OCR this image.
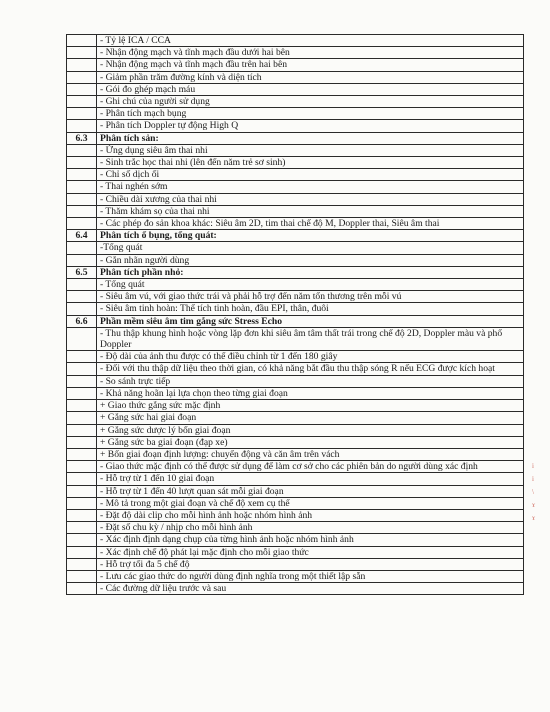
	- Tỷ lệ ICA / CCA
	- Nhận động mạch và tĩnh mạch đầu dưới hai bên
	- Nhận động mạch và tĩnh mạch đầu trên hai bên
	- Giảm phần trăm đường kính và diện tích
	- Gói đo ghép mạch máu
	- Ghi chú của người sử dụng
	- Phân tích mạch bụng
	- Phân tích Doppler tự động High Q
6.3	Phân tích sản:
	- Ứng dụng siêu âm thai nhi
	- Sinh trắc học thai nhi (lên đến năm trẻ sơ sinh)
	- Chỉ số dịch ối
	- Thai nghén sớm
	- Chiều dài xương của thai nhi
	- Thăm khám sọ của thai nhi
	- Các phép đo sản khoa khác: Siêu âm 2D, tim thai chế độ M, Doppler thai, Siêu âm thai
6.4	Phân tích ổ bụng, tổng quát:
	-Tổng quát
	- Gắn nhãn người dùng
6.5	Phân tích phần nhỏ:
	- Tổng quát
	- Siêu âm vú, với giao thức trái và phải hỗ trợ đến năm tổn thương trên mỗi vú
	- Siêu âm tinh hoàn: Thể tích tinh hoàn, đầu EPI, thân, đuôi
6.6	Phần mềm siêu âm tim gắng sức Stress Echo
	- Thu thập khung hình hoặc vòng lặp đơn khi siêu âm tâm thất trái trong chế độ 2D, Doppler màu và phổ Doppler
	- Độ dài của ảnh thu được có thể điều chỉnh từ 1 đến 180 giây
	- Đối với thu thập dữ liệu theo thời gian, có khả năng bắt đầu thu thập sóng R nếu ECG được kích hoạt
	- So sánh trực tiếp
	- Khả năng hoãn lại lựa chọn theo từng giai đoạn
	+ Giao thức gắng sức mặc định
	+ Gắng sức hai giai đoạn
	+ Gắng sức dược lý bốn giai đoạn
	+ Gắng sức ba giai đoạn (đạp xe)
	+ Bốn giai đoạn định lượng: chuyển động và căn âm trên vách
	- Giao thức mặc định có thể được sử dụng để làm cơ sở cho các phiên bản do người dùng xác định
	- Hỗ trợ từ 1 đến 10 giai đoạn
	- Hỗ trợ từ 1 đến 40 lượt quan sát mỗi giai đoạn
	- Mô tả trong một giai đoạn và chế độ xem cụ thể
	- Đặt độ dài clip cho mỗi hình ảnh hoặc nhóm hình ảnh
	- Đặt số chu kỳ / nhịp cho mỗi hình ảnh
	- Xác định định dạng chụp của từng hình ảnh hoặc nhóm hình ảnh
	- Xác định chế độ phát lại mặc định cho mỗi giao thức
	- Hỗ trợ tối đa 5 chế độ
	- Lưu các giao thức do người dùng định nghĩa trong một thiết lập sẵn
	- Các đường dữ liệu trước và sau
i
i
\
ɤ
ɤ
